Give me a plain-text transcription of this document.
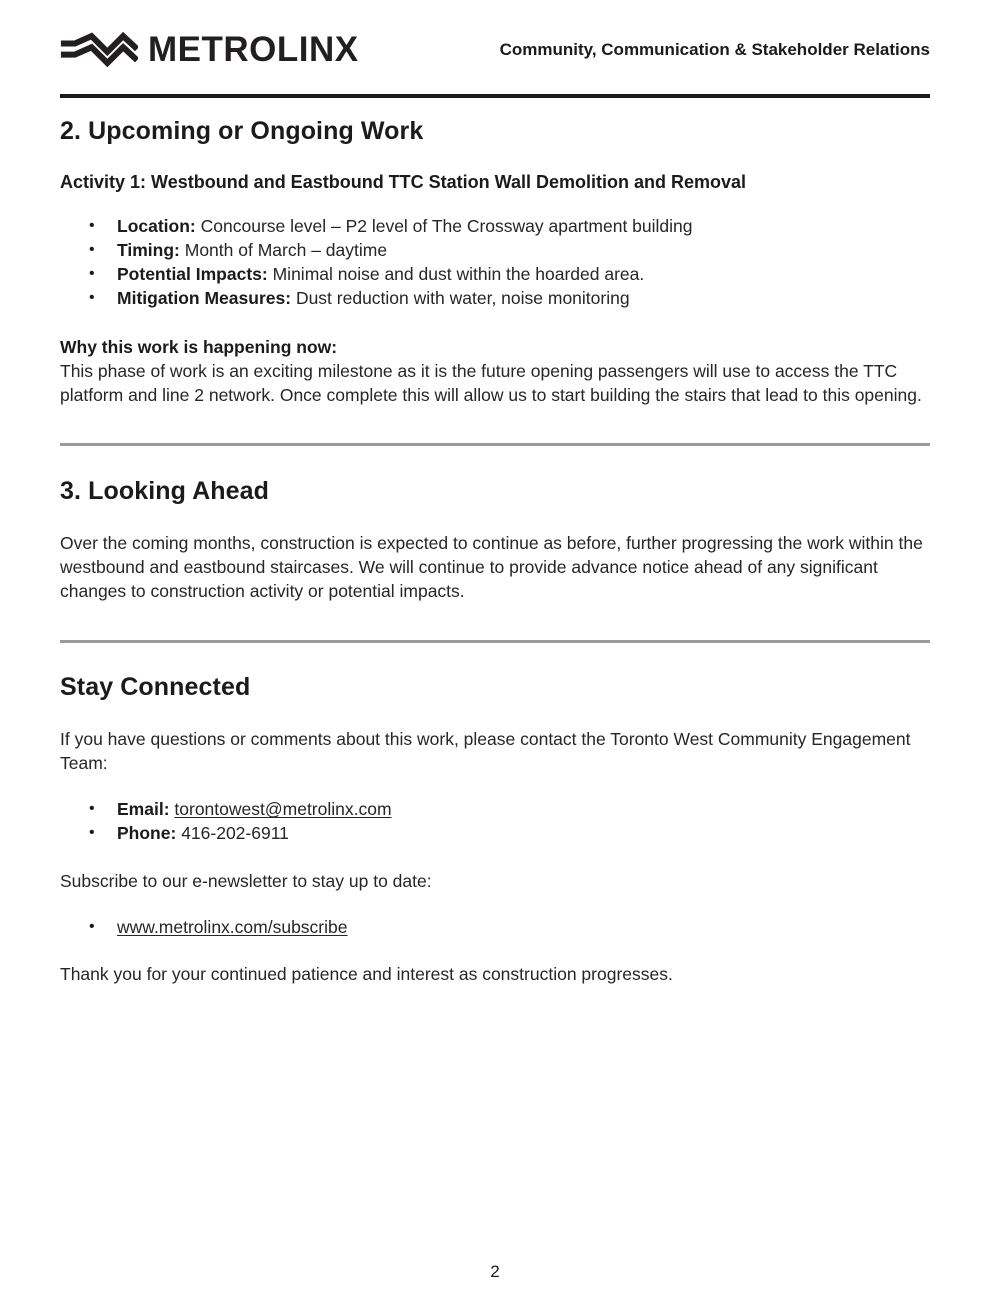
METROLINX	Community, Communication & Stakeholder Relations
2. Upcoming or Ongoing Work
Activity 1: Westbound and Eastbound TTC Station Wall Demolition and Removal
• Location: Concourse level – P2 level of The Crossway apartment building
• Timing: Month of March – daytime
• Potential Impacts: Minimal noise and dust within the hoarded area.
• Mitigation Measures: Dust reduction with water, noise monitoring
Why this work is happening now:
This phase of work is an exciting milestone as it is the future opening passengers will use to access the TTC platform and line 2 network. Once complete this will allow us to start building the stairs that lead to this opening.
3. Looking Ahead
Over the coming months, construction is expected to continue as before, further progressing the work within the westbound and eastbound staircases. We will continue to provide advance notice ahead of any significant changes to construction activity or potential impacts.
Stay Connected
If you have questions or comments about this work, please contact the Toronto West Community Engagement Team:
• Email: torontowest@metrolinx.com
• Phone: 416-202-6911
Subscribe to our e-newsletter to stay up to date:
• www.metrolinx.com/subscribe
Thank you for your continued patience and interest as construction progresses.
2
